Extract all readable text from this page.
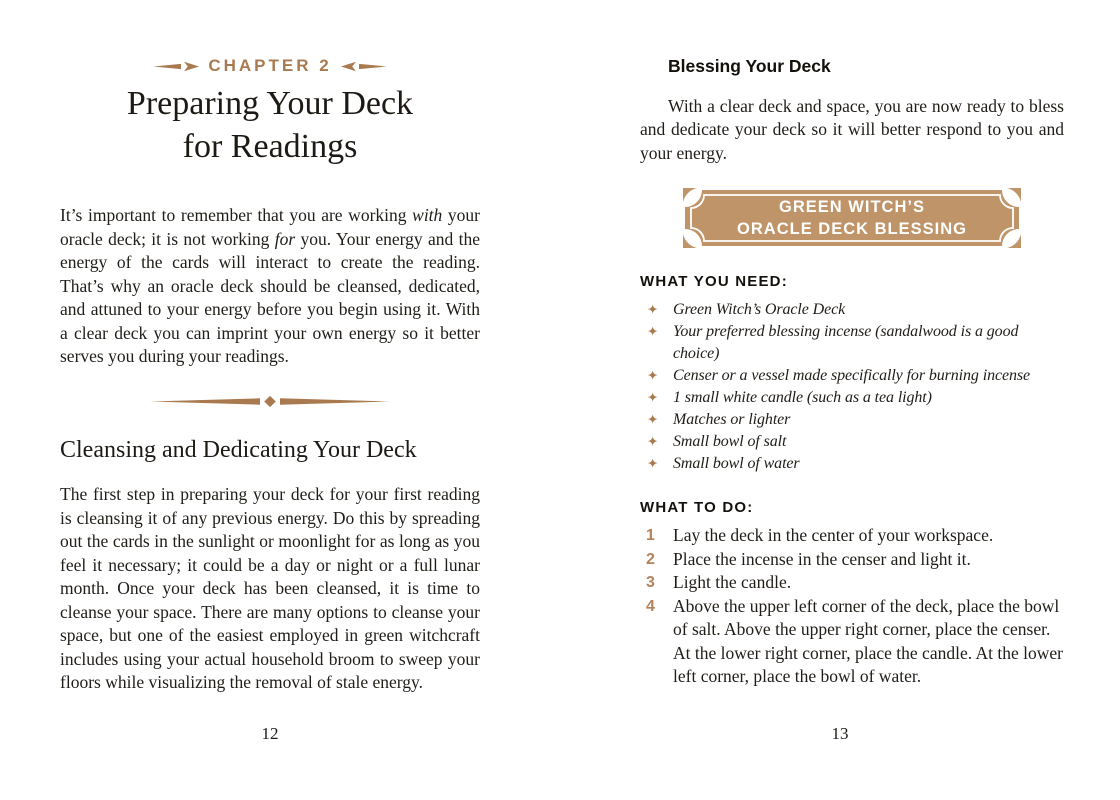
CHAPTER 2
Preparing Your Deck
for Readings

It’s important to remember that you are working with your oracle deck; it is not working for you. Your energy and the energy of the cards will interact to create the reading. That’s why an oracle deck should be cleansed, dedicated, and attuned to your energy before you begin using it. With a clear deck you can imprint your own energy so it better serves you during your readings.

Cleansing and Dedicating Your Deck

The first step in preparing your deck for your first reading is cleansing it of any previous energy. Do this by spreading out the cards in the sunlight or moonlight for as long as you feel it necessary; it could be a day or night or a full lunar month. Once your deck has been cleansed, it is time to cleanse your space. There are many options to cleanse your space, but one of the easiest employed in green witchcraft includes using your actual household broom to sweep your floors while visualizing the removal of stale energy.

12
Blessing Your Deck

With a clear deck and space, you are now ready to bless and dedicate your deck so it will better respond to you and your energy.

GREEN WITCH’S
ORACLE DECK BLESSING
WHAT YOU NEED:
✦ Green Witch’s Oracle Deck
✦ Your preferred blessing incense (sandalwood is a good choice)
✦ Censer or a vessel made specifically for burning incense
✦ 1 small white candle (such as a tea light)
✦ Matches or lighter
✦ Small bowl of salt
✦ Small bowl of water
WHAT TO DO:
1	Lay the deck in the center of your workspace.
2	Place the incense in the censer and light it.
3	Light the candle.
4	Above the upper left corner of the deck, place the bowl of salt. Above the upper right corner, place the censer. At the lower right corner, place the candle. At the lower left corner, place the bowl of water.
13
